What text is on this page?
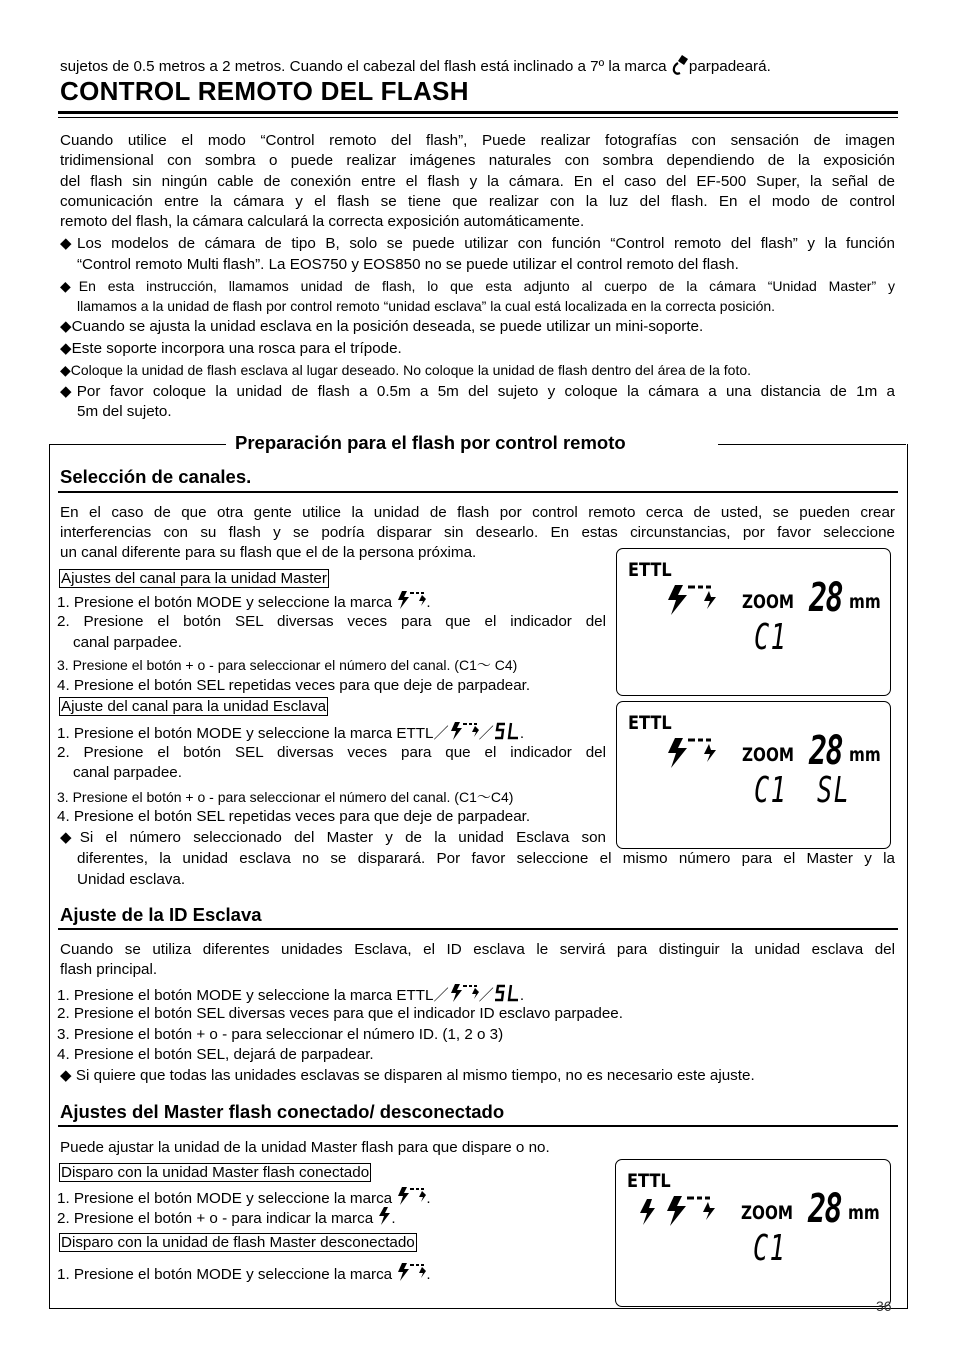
sujetos de 0.5 metros a 2 metros. Cuando el cabezal del flash está inclinado a 7º la marca parpadeará.
CONTROL REMOTO DEL FLASH
Cuando utilice el modo “Control remoto del flash”, Puede realizar fotografías con sensación de imagen
tridimensional con sombra o puede realizar imágenes naturales con sombra dependiendo de la exposición
del flash sin ningún cable de conexión entre el flash y la cámara. En el caso del EF-500 Super, la señal de
comunicación entre la cámara y el flash se tiene que realizar con la luz del flash. En el modo de control
remoto del flash, la cámara calculará la correcta exposición automáticamente.
◆Los modelos de cámara de tipo B, solo se puede utilizar con función “Control remoto del flash” y la función
“Control remoto Multi flash”. La EOS750 y EOS850 no se puede utilizar el control remoto del flash.
◆En esta instrucción, llamamos unidad de flash, lo que esta adjunto al cuerpo de la cámara “Unidad Master” y
llamamos a la unidad de flash por control remoto “unidad esclava” la cual está localizada en la correcta posición.
◆Cuando se ajusta la unidad esclava en la posición deseada, se puede utilizar un mini-soporte.
◆Este soporte incorpora una rosca para el trípode.
◆Coloque la unidad de flash esclava al lugar deseado. No coloque la unidad de flash dentro del área de la foto.
◆Por favor coloque la unidad de flash a 0.5m a 5m del sujeto y coloque la cámara a una distancia de 1m a
5m del sujeto.
Preparación para el flash por control remoto
Selección de canales.
En el caso de que otra gente utilice la unidad de flash por control remoto cerca de usted, se pueden crear
interferencias con su flash y se podría disparar sin desearlo. En estas circunstancias, por favor seleccione
un canal diferente para su flash que el de la persona próxima.
Ajustes del canal para la unidad Master
1. Presione el botón MODE y seleccione la marca .
2. Presione el botón SEL diversas veces para que el indicador del
canal parpadee.
3. Presione el botón + o - para seleccionar el número del canal. (C1～ C4)
4. Presione el botón SEL repetidas veces para que deje de parpadear.
Ajuste del canal para la unidad Esclava
1. Presione el botón MODE y seleccione la marca ETTL／ ／ .
2. Presione el botón SEL diversas veces para que el indicador del
canal parpadee.
3. Presione el botón + o - para seleccionar el número del canal. (C1～C4)
4. Presione el botón SEL repetidas veces para que deje de parpadear.
◆Si el número seleccionado del Master y de la unidad Esclava son
diferentes, la unidad esclava no se disparará. Por favor seleccione el mismo número para el Master y la
Unidad esclava.
ETTL
ZOOM 28 mm
C1
ETTL
ZOOM 28 mm
C1 SL
Ajuste de la ID Esclava
Cuando se utiliza diferentes unidades Esclava, el ID esclava le servirá para distinguir la unidad esclava del
flash principal.
1. Presione el botón MODE y seleccione la marca ETTL／ ／ .
2. Presione el botón SEL diversas veces para que el indicador ID esclavo parpadee.
3. Presione el botón + o - para seleccionar el número ID. (1, 2 o 3)
4. Presione el botón SEL, dejará de parpadear.
◆ Si quiere que todas las unidades esclavas se disparen al mismo tiempo, no es necesario este ajuste.
Ajustes del Master flash conectado/ desconectado
Puede ajustar la unidad de la unidad Master flash para que dispare o no.
Disparo con la unidad Master flash conectado
1. Presione el botón MODE y seleccione la marca .
2. Presione el botón + o - para indicar la marca .
Disparo con la unidad de flash Master desconectado
1. Presione el botón MODE y seleccione la marca .
ETTL
ZOOM 28 mm
C1
36
